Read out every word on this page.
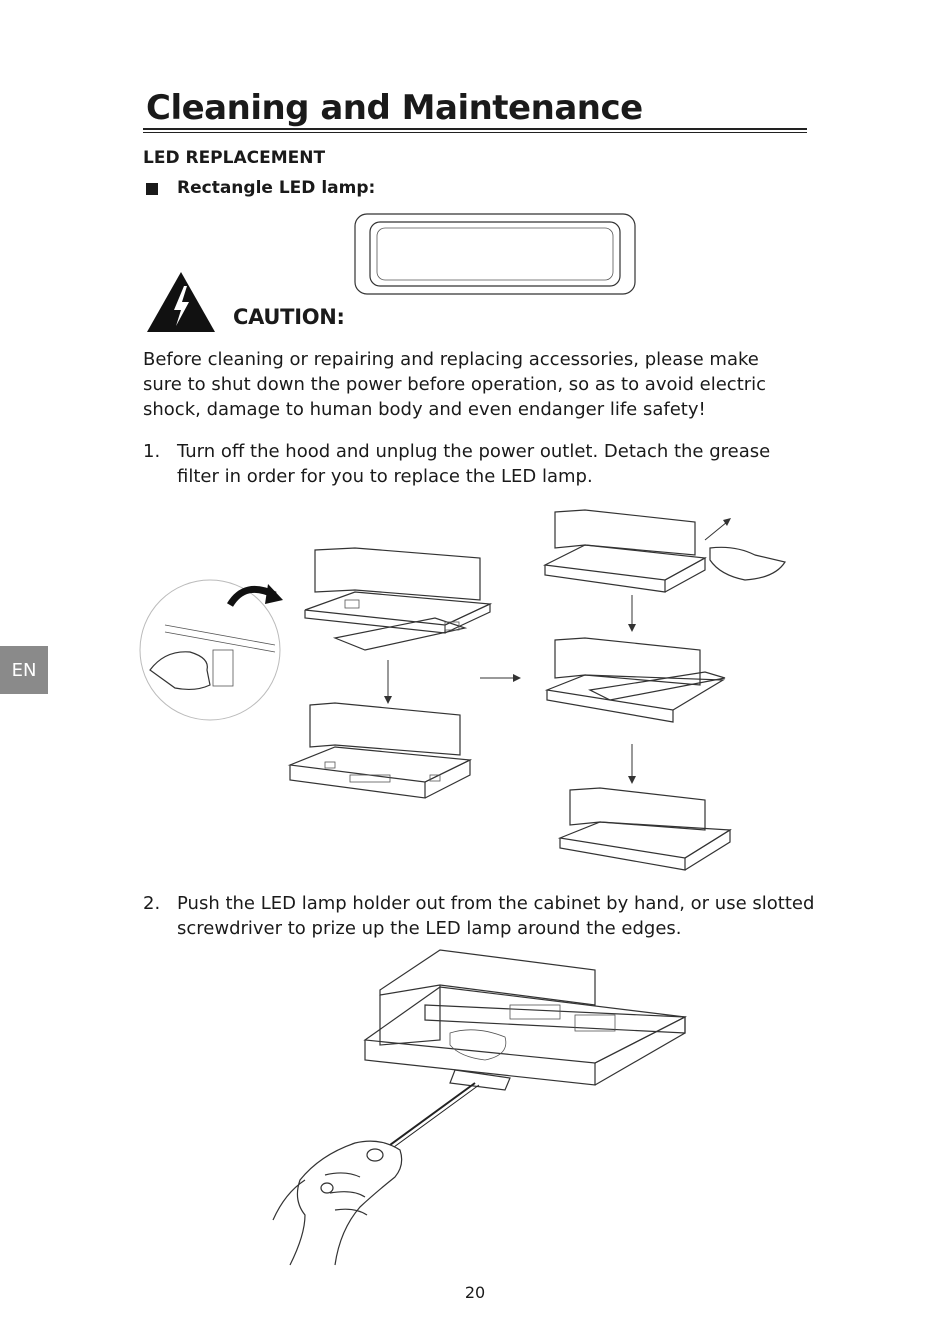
Cleaning and Maintenance
LED REPLACEMENT
Rectangle LED lamp:
CAUTION:

Before cleaning or repairing and replacing accessories, please make sure to shut down the power before operation, so as to avoid electric shock, damage to human body and even endanger life safety!

1. Turn off the hood and unplug the power outlet. Detach the grease filter in order for you to replace the LED lamp.
2. Push the LED lamp holder out from the cabinet by hand, or use slotted screwdriver to prize up the LED lamp around the edges.
EN
20
